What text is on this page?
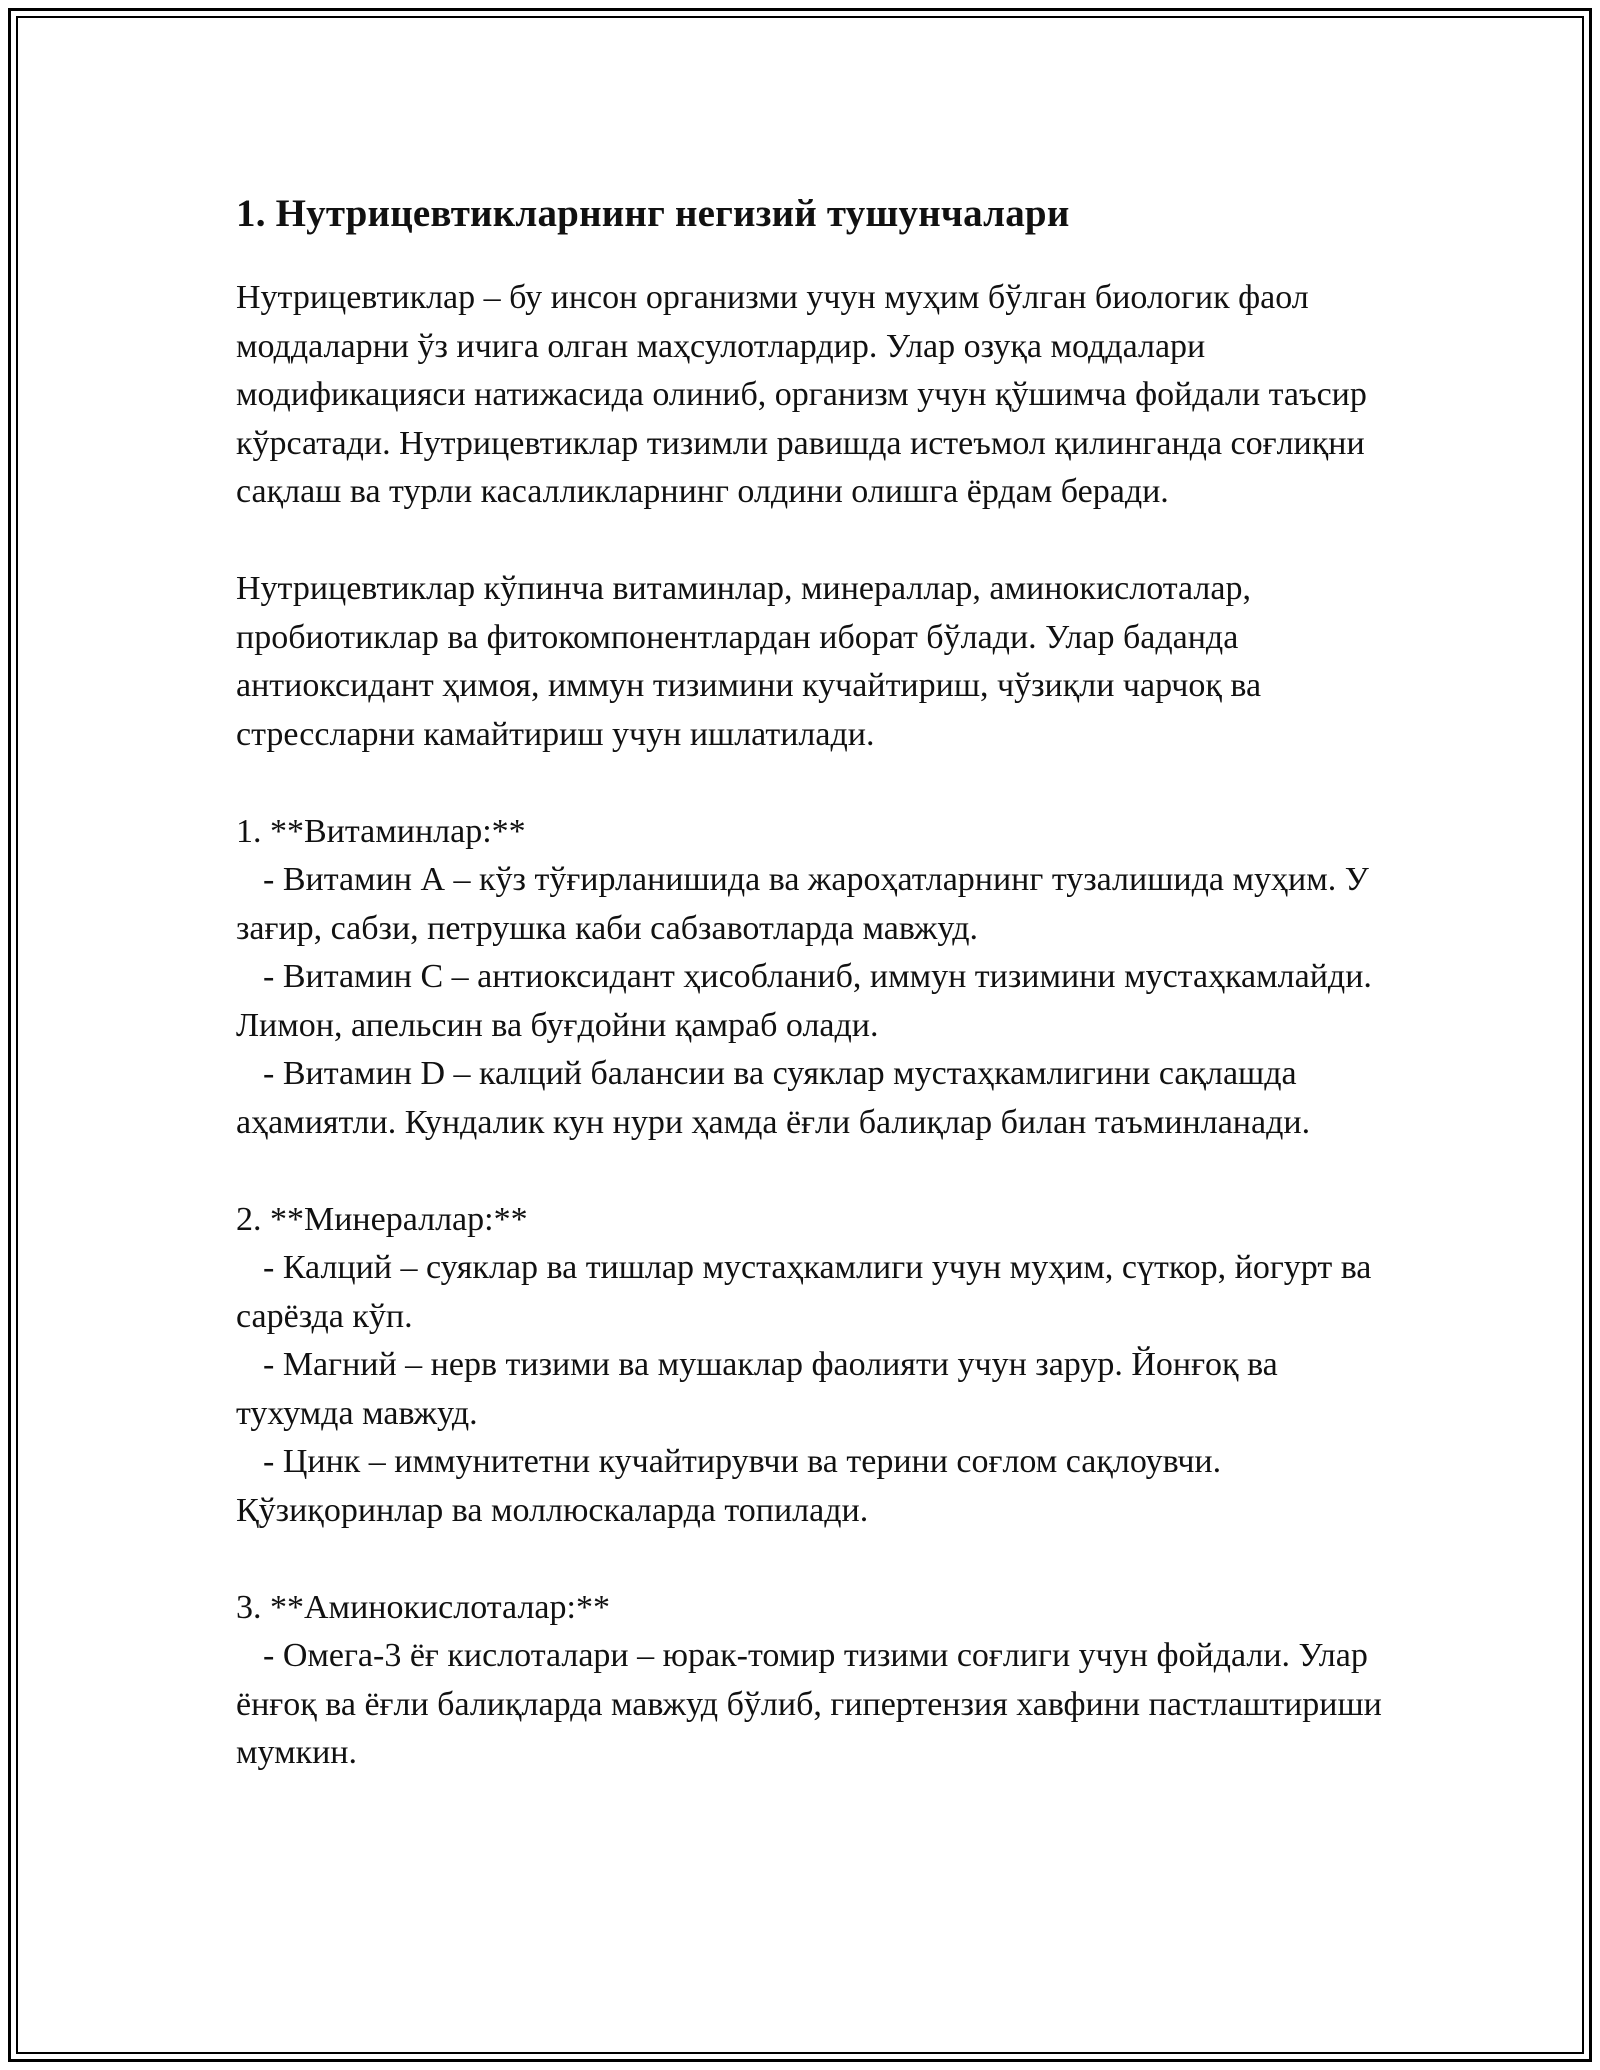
1. Нутрицевтикларнинг негизий тушунчалари

Нутрицевтиклар – бу инсон организми учун муҳим бўлган биологик фаол моддаларни ўз ичига олган маҳсулотлардир. Улар озуқа моддалари модификацияси натижасида олиниб, организм учун қўшимча фойдали таъсир кўрсатади. Нутрицевтиклар тизимли равишда истеъмол қилинганда соғлиқни сақлаш ва турли касалликларнинг олдини олишга ёрдам беради.

Нутрицевтиклар кўпинча витаминлар, минераллар, аминокислоталар, пробиотиклар ва фитокомпонентлардан иборат бўлади. Улар баданда антиоксидант ҳимоя, иммун тизимини кучайтириш, чўзиқли чарчоқ ва стрессларни камайтириш учун ишлатилади.

1. **Витаминлар:**

- Витамин А – кўз тўғирланишида ва жароҳатларнинг тузалишида муҳим. У зағир, сабзи, петрушка каби сабзавотларда мавжуд.

- Витамин С – антиоксидант ҳисобланиб, иммун тизимини мустаҳкамлайди. Лимон, апельсин ва буғдойни қамраб олади.

- Витамин D – калций балансии ва суяклар мустаҳкамлигини сақлашда аҳамиятли. Кундалик кун нури ҳамда ёғли балиқлар билан таъминланади.

2. **Минераллар:**

- Калций – суяклар ва тишлар мустаҳкамлиги учун муҳим, сүткор, йогурт ва сарёзда кўп.

- Магний – нерв тизими ва мушаклар фаолияти учун зарур. Йонғоқ ва тухумда мавжуд.

- Цинк – иммунитетни кучайтирувчи ва терини соғлом сақлоувчи. Қўзиқоринлар ва моллюскаларда топилади.

3. **Аминокислоталар:**

- Омега-3 ёғ кислоталари – юрак-томир тизими соғлиги учун фойдали. Улар ёнғоқ ва ёғли балиқларда мавжуд бўлиб, гипертензия хавфини пастлаштириши мумкин.
